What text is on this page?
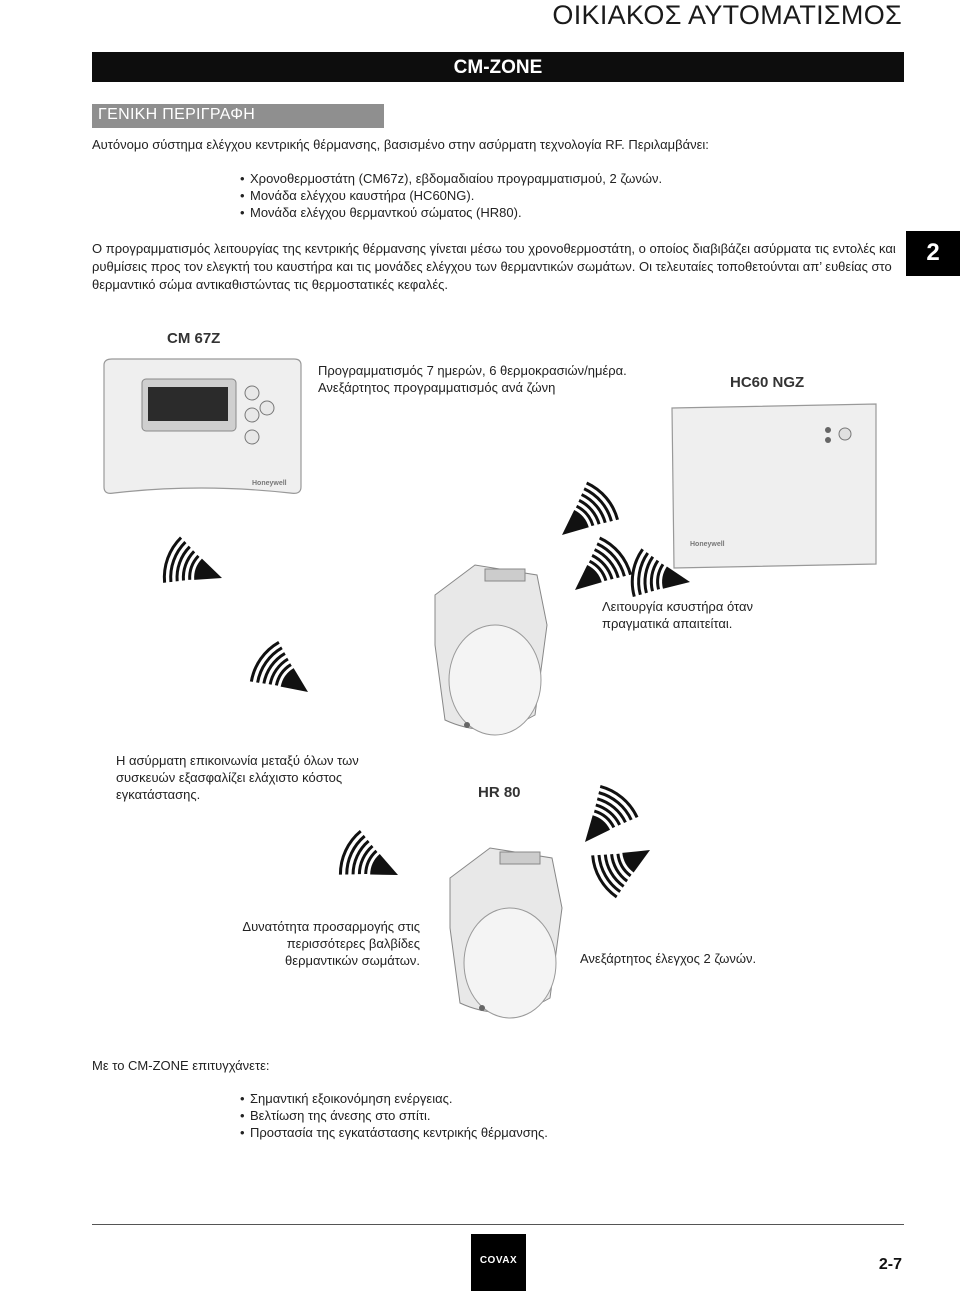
ΟΙΚΙΑΚΟΣ ΑΥΤΟΜΑΤΙΣΜΟΣ
CM-ZONE
ΓΕΝΙΚΗ ΠΕΡΙΓΡΑΦΗ
Αυτόνομο σύστημα ελέγχου κεντρικής θέρμανσης, βασισμένο στην ασύρματη τεχνολογία RF. Περιλαμβάνει:
• Χρονοθερμοστάτη (CM67z), εβδομαδιαίου προγραμματισμού, 2 ζωνών.
• Μονάδα ελέγχου καυστήρα (HC60NG).
• Μονάδα ελέγχου θερμαντκού σώματος (HR80).
Ο προγραμματισμός λειτουργίας της κεντρικής θέρμανσης γίνεται μέσω του χρονοθερμοστάτη, ο οποίος διαβιβάζει ασύρματα τις εντολές και ρυθμίσεις προς τον ελεγκτή του καυστήρα και τις μονάδες ελέγχου των θερμαντικών σωμάτων. Οι τελευταίες τοποθετούνται απ’ ευθείας στο θερμαντικό σώμα αντικαθιστώντας τις θερμοστατικές κεφαλές.
2
CM 67Z
Honeywell
Προγραμματισμός 7 ημερών, 6 θερμοκρασιών/ημέρα.
Ανεξάρτητος προγραμματισμός ανά ζώνη	HC60 NGZ
Honeywell
Λειτουργία κσυστήρα όταν πραγματικά απαιτείται.
Η ασύρματη επικοινωνία μεταξύ όλων των συσκευών εξασφαλίζει ελάχιστο κόστος εγκατάστασης.	HR 80
Δυνατότητα προσαρμογής στις περισσότερες βαλβίδες θερμαντικών σωμάτων.	Ανεξάρτητος έλεγχος 2 ζωνών.
Με το CM-ZONE επιτυγχάνετε:
• Σημαντική εξοικονόμηση ενέργειας.
• Βελτίωση της άνεσης στο σπίτι.
• Προστασία της εγκατάστασης κεντρικής θέρμανσης.
COVAX	2-7
